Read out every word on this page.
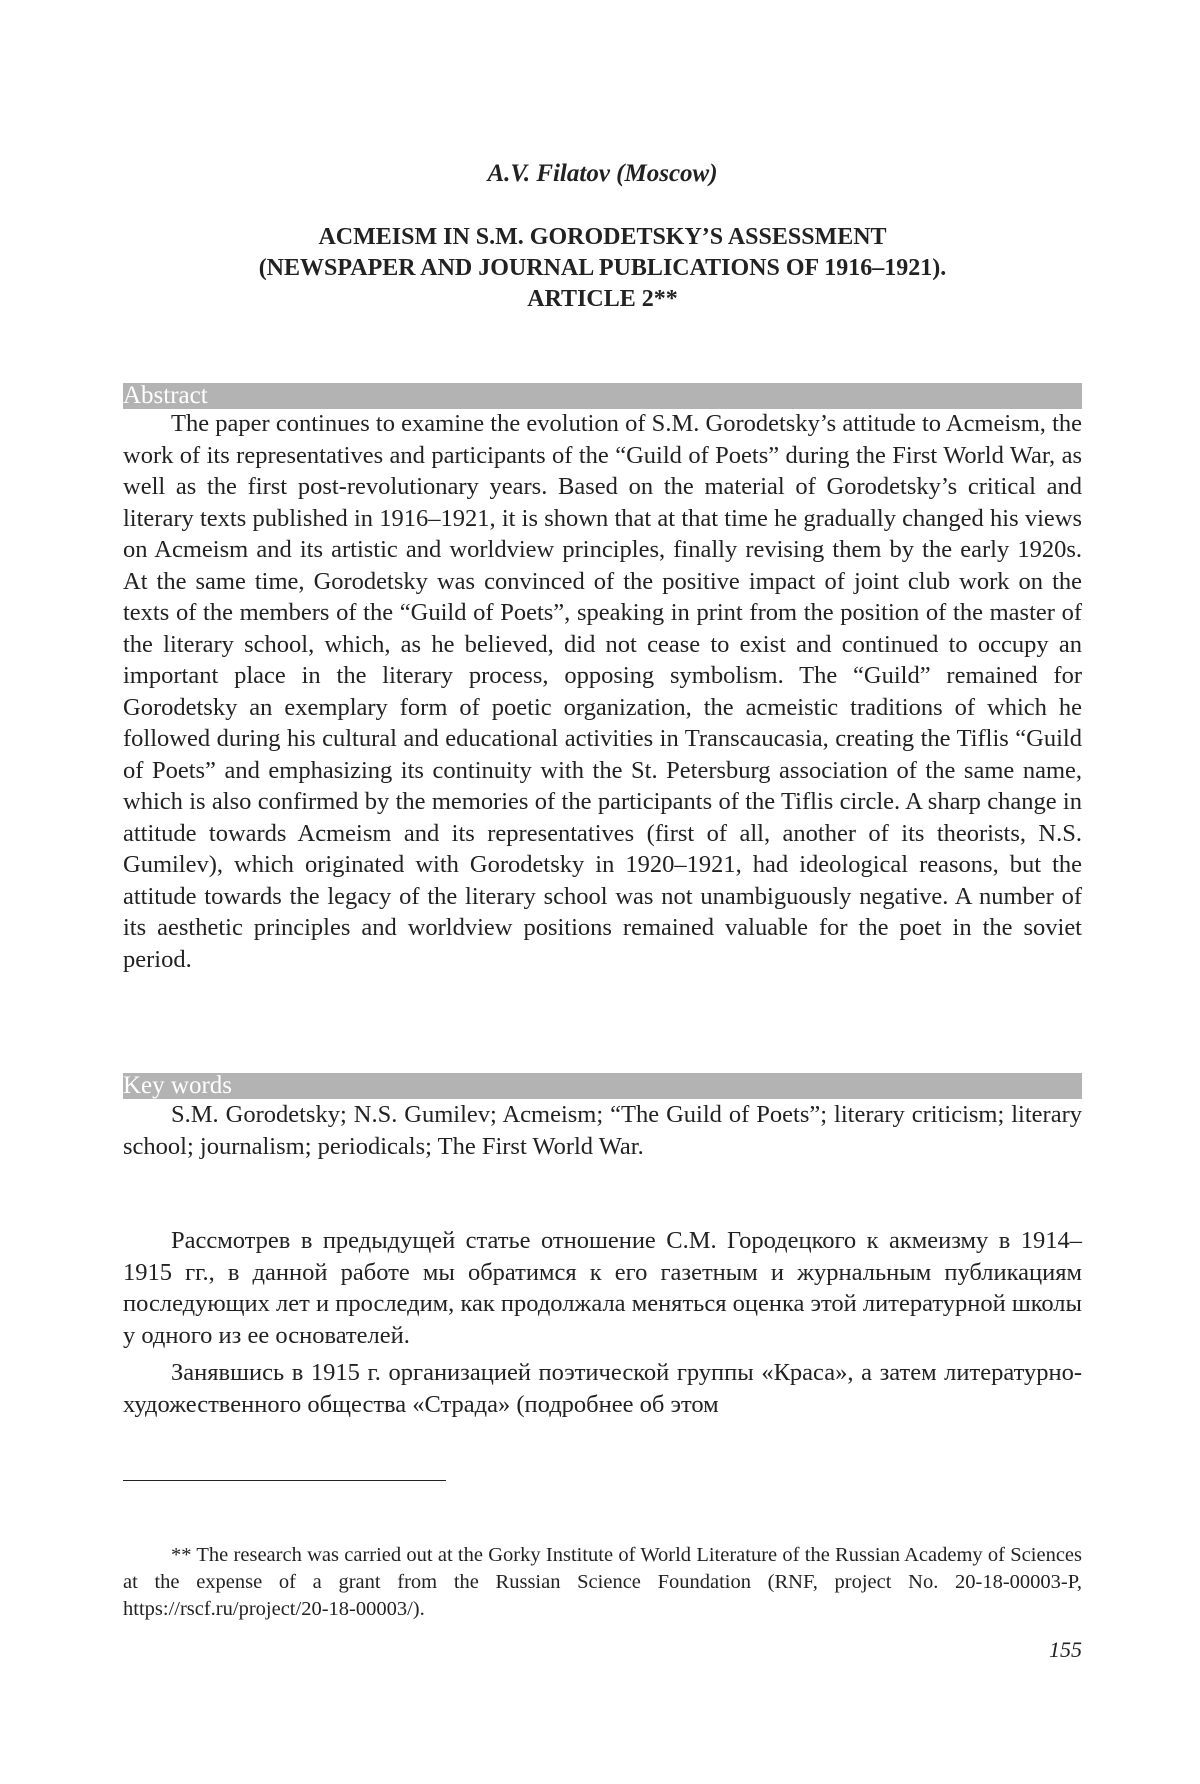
A.V. Filatov (Moscow)
ACMEISM IN S.M. GORODETSKY’S ASSESSMENT
(NEWSPAPER AND JOURNAL PUBLICATIONS OF 1916–1921).
ARTICLE 2**
Abstract

The paper continues to examine the evolution of S.M. Gorodetsky’s attitude to Acmeism, the work of its representatives and participants of the “Guild of Poets” during the First World War, as well as the first post-revolutionary years. Based on the material of Gorodetsky’s critical and literary texts published in 1916–1921, it is shown that at that time he gradually changed his views on Acmeism and its artistic and worldview principles, finally revising them by the early 1920s. At the same time, Gorodetsky was convinced of the positive impact of joint club work on the texts of the members of the “Guild of Poets”, speaking in print from the position of the master of the literary school, which, as he believed, did not cease to exist and continued to occupy an important place in the literary process, opposing symbolism. The “Guild” remained for Gorodetsky an exemplary form of poetic organization, the acmeistic traditions of which he followed during his cultural and educational activities in Transcaucasia, creating the Tiflis “Guild of Poets” and emphasizing its continuity with the St. Petersburg association of the same name, which is also confirmed by the memories of the participants of the Tiflis circle. A sharp change in attitude towards Acmeism and its representatives (first of all, another of its theorists, N.S. Gumilev), which originated with Gorodetsky in 1920–1921, had ideological reasons, but the attitude towards the legacy of the literary school was not unambiguously negative. A number of its aesthetic principles and worldview positions remained valuable for the poet in the soviet period.

Key words

S.M. Gorodetsky; N.S. Gumilev; Acmeism; “The Guild of Poets”; literary criticism; literary school; journalism; periodicals; The First World War.

Рассмотрев в предыдущей статье отношение С.М. Городецкого к акмеизмy в 1914–1915 гг., в данной работе мы обратимся к его газетным и журнальным публикациям последующих лет и проследим, как продолжала меняться оценка этой литературной школы у одного из ее основателей.

Занявшись в 1915 г. организацией поэтической группы «Краса», а затем литературно-художественного общества «Страда» (подробнее об этом

** The research was carried out at the Gorky Institute of World Literature of the Russian Academy of Sciences at the expense of a grant from the Russian Science Foundation (RNF, project No. 20-18-00003-P, https://rscf.ru/project/20-18-00003/).

155
